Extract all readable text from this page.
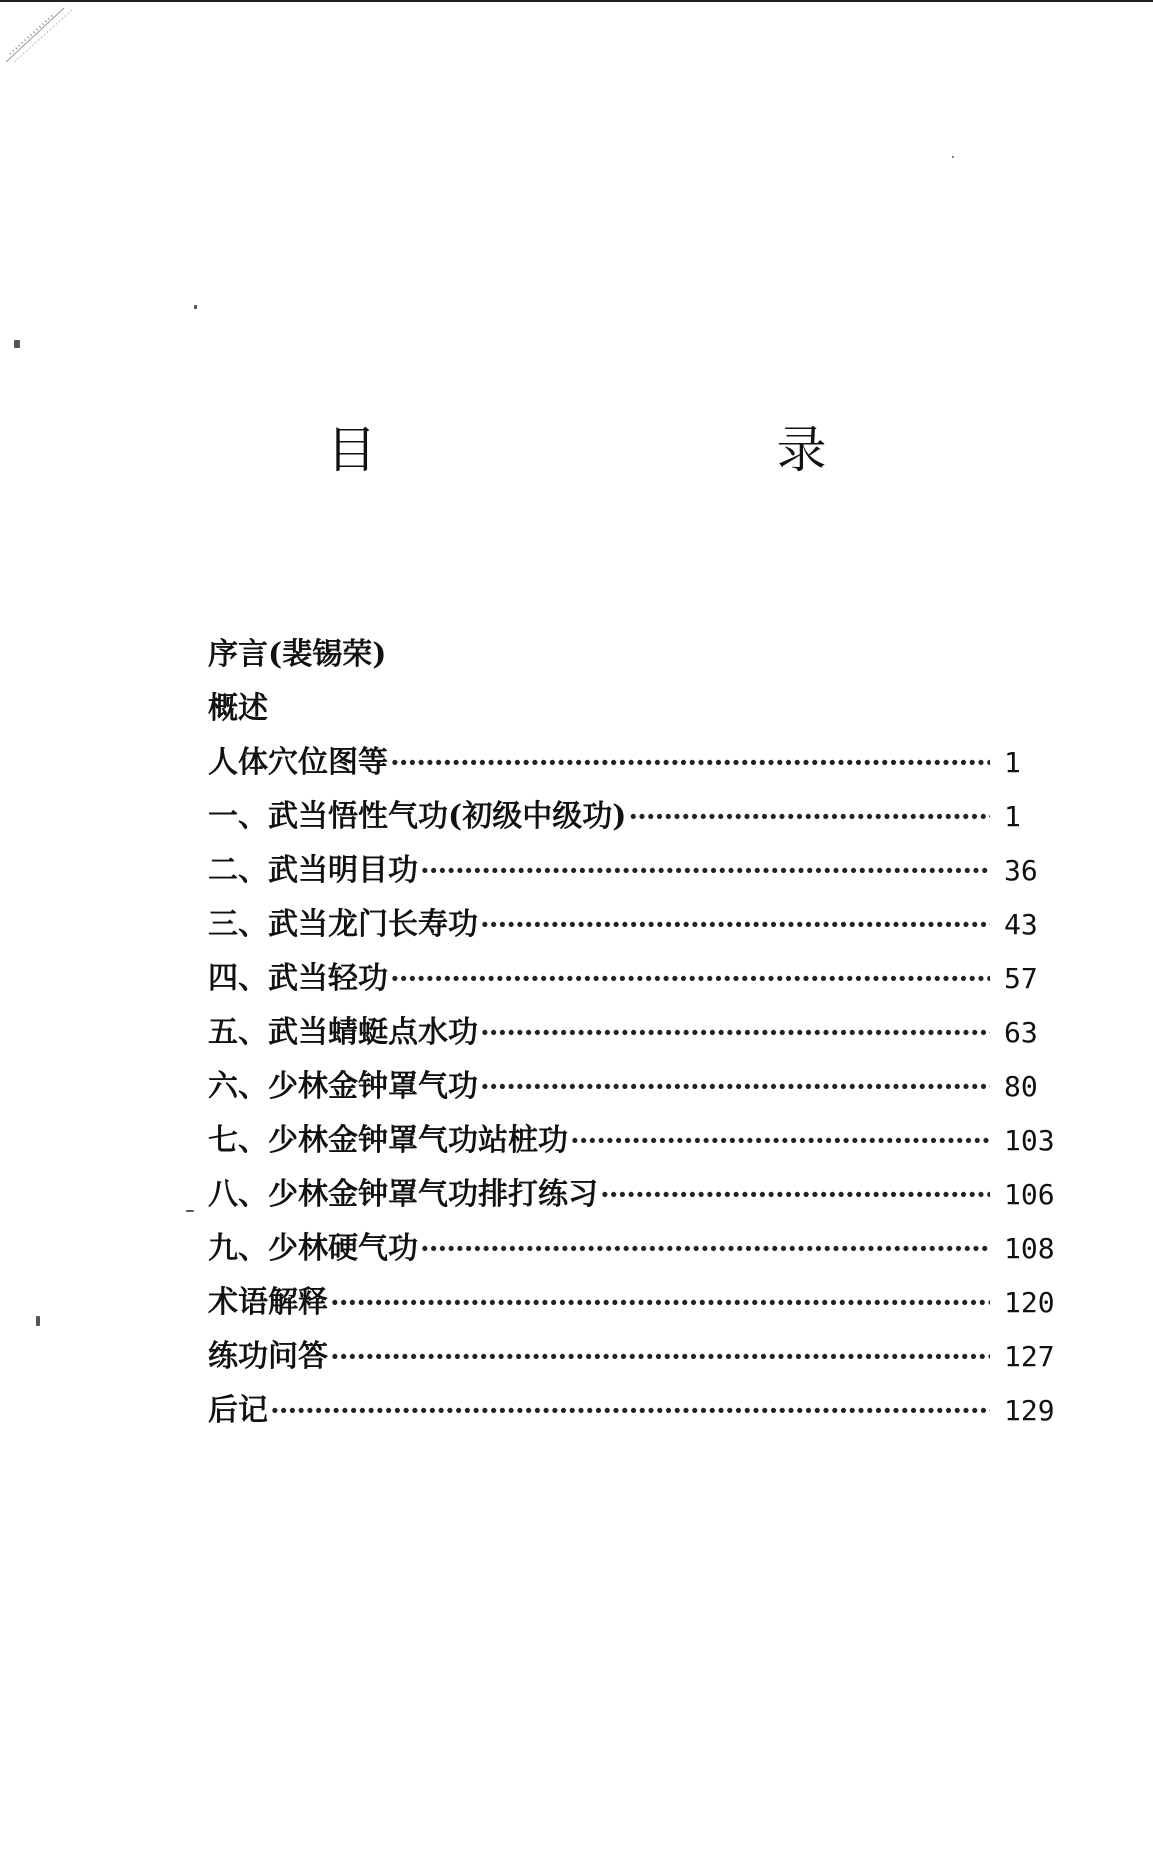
目　　录
序言(裴锡荣)
概述
人体穴位图等 ·····	1
一、武当悟性气功(初级中级功) ·····	1
二、武当明目功 ·····	36
三、武当龙门长寿功 ·····	43
四、武当轻功 ·····	57
五、武当蜻蜓点水功 ·····	63
六、少林金钟罩气功 ·····	80
七、少林金钟罩气功站桩功 ·····	103
八、少林金钟罩气功排打练习 ·····	106
九、少林硬气功 ·····	108
术语解释 ·····	120
练功问答 ·····	127
后记 ·····	129
